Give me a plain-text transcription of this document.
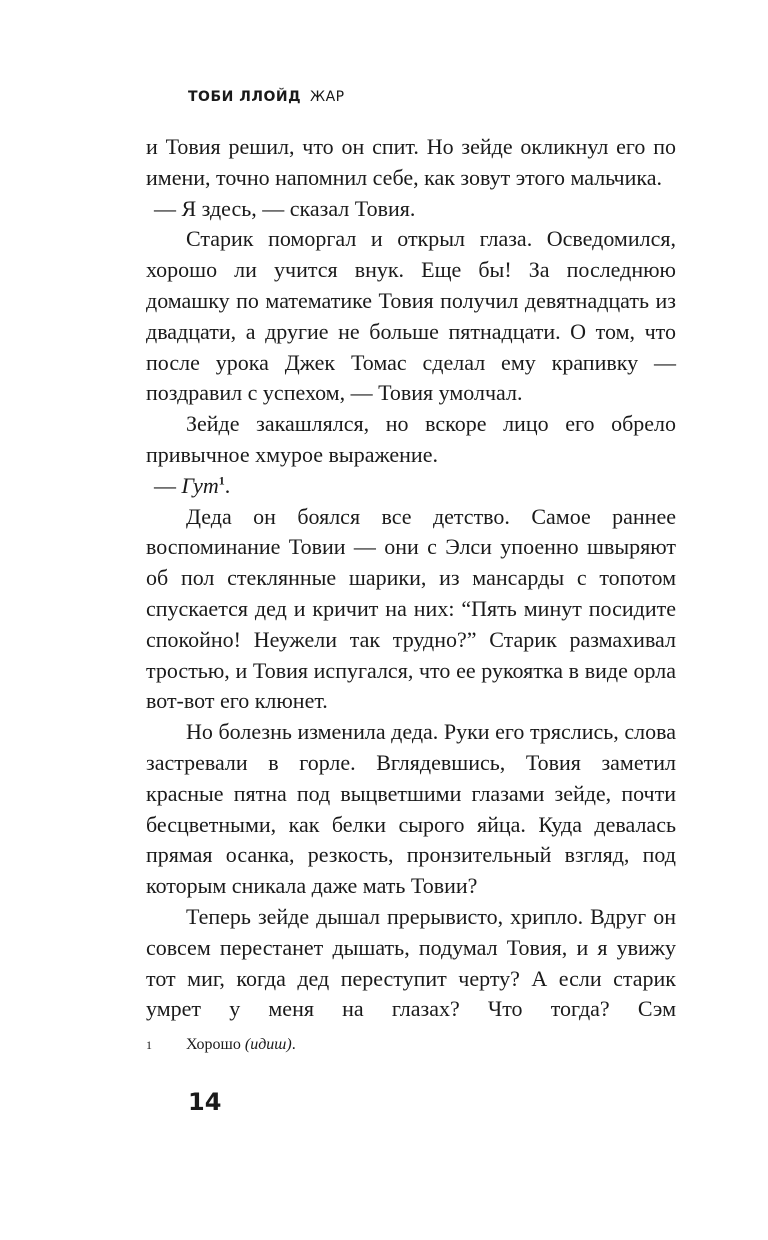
ТОБИ ЛЛОЙД ЖАР

и Товия решил, что он спит. Но зейде окликнул его по имени, точно напомнил себе, как зовут этого мальчика.

— Я здесь, — сказал Товия.

Старик поморгал и открыл глаза. Осведомился, хорошо ли учится внук. Еще бы! За последнюю домашку по математике Товия получил девятнадцать из двадцати, а другие не больше пятнадцати. О том, что после урока Джек Томас сделал ему крапивку — поздравил с успехом, — Товия умолчал.

Зейде закашлялся, но вскоре лицо его обрело привычное хмурое выражение.

— Гут$^1$.

Деда он боялся все детство. Самое раннее воспоминание Товии — они с Элси упоенно швыряют об пол стеклянные шарики, из мансарды с топотом спускается дед и кричит на них: “Пять минут посидите спокойно! Неужели так трудно?” Старик размахивал тростью, и Товия испугался, что ее рукоятка в виде орла вот-вот его клюнет.

Но болезнь изменила деда. Руки его тряслись, слова застревали в горле. Вглядевшись, Товия заметил красные пятна под выцветшими глазами зейде, почти бесцветными, как белки сырого яйца. Куда девалась прямая осанка, резкость, пронзительный взгляд, под которым сникала даже мать Товии?

Теперь зейде дышал прерывисто, хрипло. Вдруг он совсем перестанет дышать, подумал Товия, и я увижу тот миг, когда дед переступит черту? А если старик умрет у меня на глазах? Что тогда? Сэм

1 Хорошо (идиш).
14
